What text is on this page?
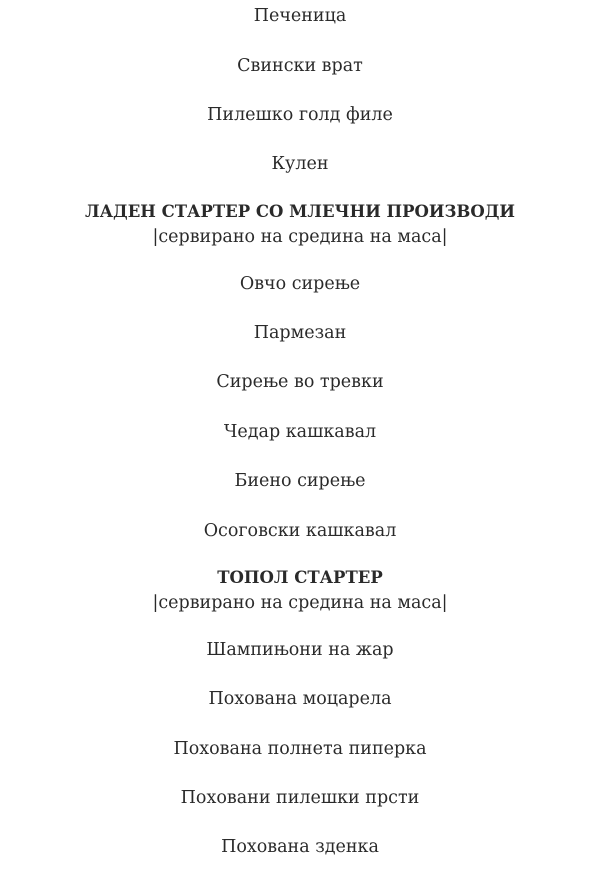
Печеница
Свински врат
Пилешко голд филе
Кулен
ЛАДЕН СТАРТЕР СО МЛЕЧНИ ПРОИЗВОДИ
|сервирано на средина на маса|
Овчо сирење
Пармезан
Сирење во тревки
Чедар кашкавал
Биено сирење
Осоговски кашкавал
ТОПОЛ СТАРТЕР
|сервирано на средина на маса|
Шампињони на жар
Похована моцарела
Похована полнета пиперка
Поховани пилешки прсти
Похована зденка
